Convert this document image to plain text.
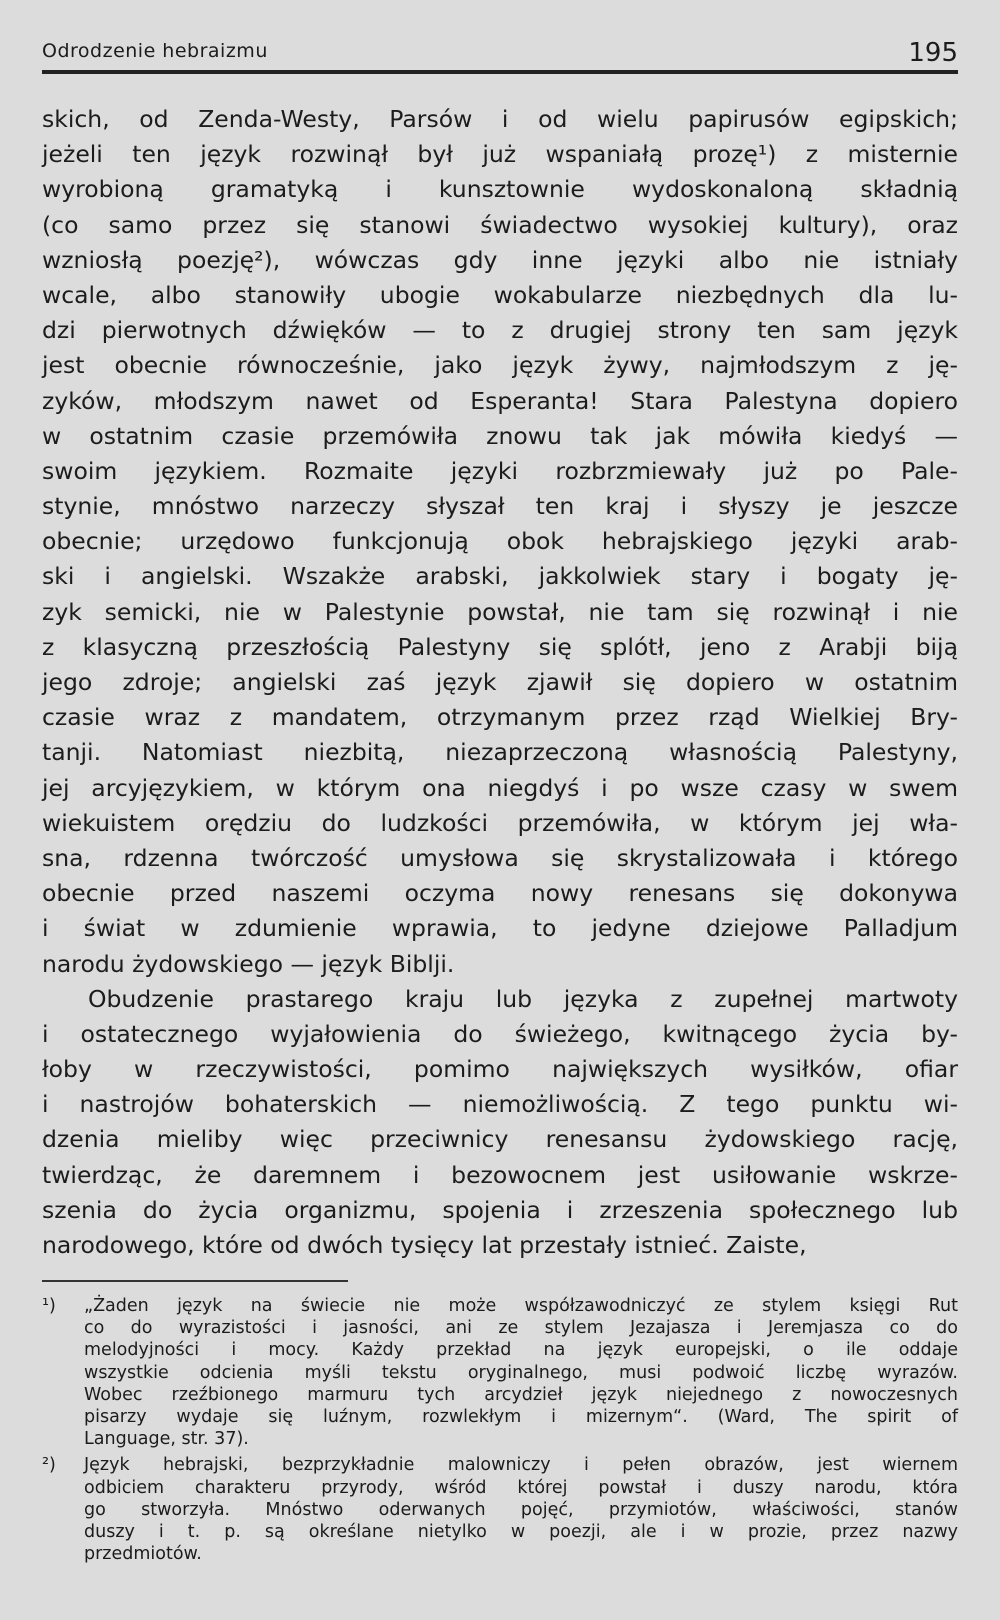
Odrodzenie hebraizmu	195
skich, od Zenda-Westy, Parsów i od wielu papirusów egipskich;
jeżeli ten język rozwinął był już wspaniałą prozę¹) z misternie
wyrobioną gramatyką i kunsztownie wydoskonaloną składnią
(co samo przez się stanowi świadectwo wysokiej kultury), oraz
wzniosłą poezję²), wówczas gdy inne języki albo nie istniały
wcale, albo stanowiły ubogie wokabularze niezbędnych dla lu-
dzi pierwotnych dźwięków — to z drugiej strony ten sam język
jest obecnie równocześnie, jako język żywy, najmłodszym z ję-
zyków, młodszym nawet od Esperanta! Stara Palestyna dopiero
w ostatnim czasie przemówiła znowu tak jak mówiła kiedyś —
swoim językiem. Rozmaite języki rozbrzmiewały już po Pale-
stynie, mnóstwo narzeczy słyszał ten kraj i słyszy je jeszcze
obecnie; urzędowo funkcjonują obok hebrajskiego języki arab-
ski i angielski. Wszakże arabski, jakkolwiek stary i bogaty ję-
zyk semicki, nie w Palestynie powstał, nie tam się rozwinął i nie
z klasyczną przeszłością Palestyny się splótł, jeno z Arabji biją
jego zdroje; angielski zaś język zjawił się dopiero w ostatnim
czasie wraz z mandatem, otrzymanym przez rząd Wielkiej Bry-
tanji. Natomiast niezbitą, niezaprzeczoną własnością Palestyny,
jej arcyjęzykiem, w którym ona niegdyś i po wsze czasy w swem
wiekuistem orędziu do ludzkości przemówiła, w którym jej wła-
sna, rdzenna twórczość umysłowa się skrystalizowała i którego
obecnie przed naszemi oczyma nowy renesans się dokonywa
i świat w zdumienie wprawia, to jedyne dziejowe Palladjum
narodu żydowskiego — język Biblji.
Obudzenie prastarego kraju lub języka z zupełnej martwoty
i ostatecznego wyjałowienia do świeżego, kwitnącego życia by-
łoby w rzeczywistości, pomimo największych wysiłków, ofiar
i nastrojów bohaterskich — niemożliwością. Z tego punktu wi-
dzenia mieliby więc przeciwnicy renesansu żydowskiego rację,
twierdząc, że daremnem i bezowocnem jest usiłowanie wskrze-
szenia do życia organizmu, spojenia i zrzeszenia społecznego lub
narodowego, które od dwóch tysięcy lat przestały istnieć. Zaiste,
¹) „Żaden język na świecie nie może współzawodniczyć ze stylem księgi Rut
co do wyrazistości i jasności, ani ze stylem Jezajasza i Jeremjasza co do
melodyjności i mocy. Każdy przekład na język europejski, o ile oddaje
wszystkie odcienia myśli tekstu oryginalnego, musi podwoić liczbę wyrazów.
Wobec rzeźbionego marmuru tych arcydzieł język niejednego z nowoczesnych
pisarzy wydaje się luźnym, rozwlekłym i mizernym“. (Ward, The spirit of
Language, str. 37).
²) Język hebrajski, bezprzykładnie malowniczy i pełen obrazów, jest wiernem
odbiciem charakteru przyrody, wśród której powstał i duszy narodu, która
go stworzyła. Mnóstwo oderwanych pojęć, przymiotów, właściwości, stanów
duszy i t. p. są określane nietylko w poezji, ale i w prozie, przez nazwy
przedmiotów.
